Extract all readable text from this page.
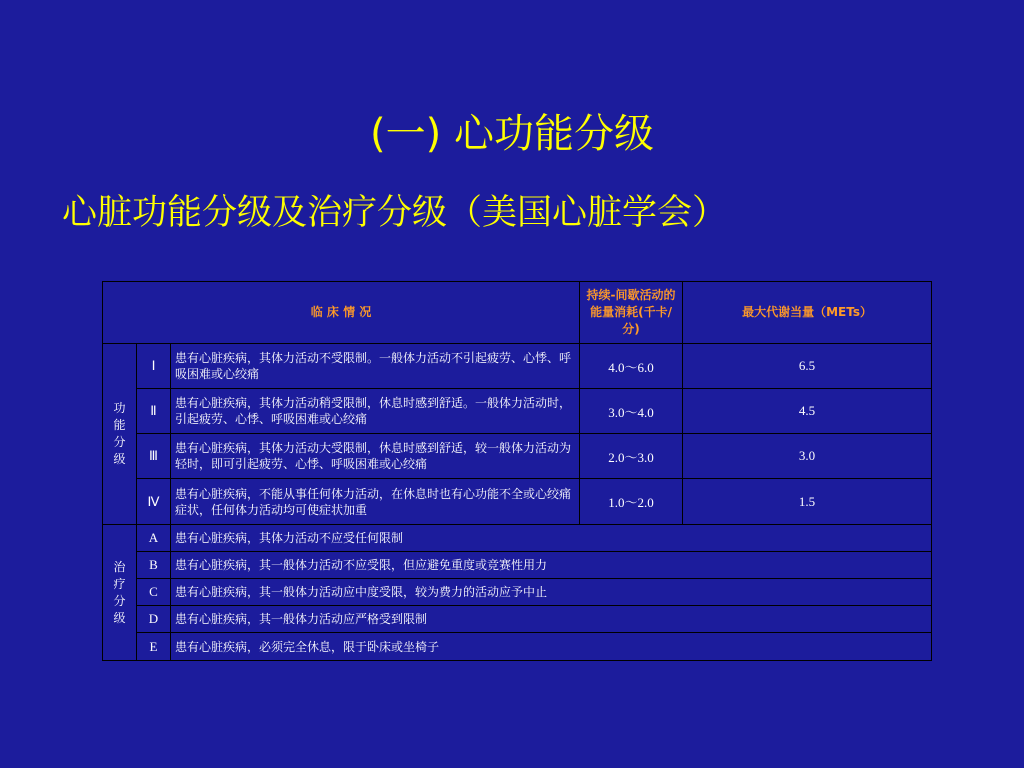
(一) 心功能分级
心脏功能分级及治疗分级（美国心脏学会）
临 床 情 况			持续-间歇活动的能量消耗(千卡/分)	最大代谢当量（METs）
功能分级	Ⅰ	患有心脏疾病，其体力活动不受限制。一般体力活动不引起疲劳、心悸、呼吸困难或心绞痛	4.0～6.0	6.5
	Ⅱ	患有心脏疾病，其体力活动稍受限制，休息时感到舒适。一般体力活动时，引起疲劳、心悸、呼吸困难或心绞痛	3.0～4.0	4.5
	Ⅲ	患有心脏疾病，其体力活动大受限制，休息时感到舒适，较一般体力活动为轻时，即可引起疲劳、心悸、呼吸困难或心绞痛	2.0～3.0	3.0
	Ⅳ	患有心脏疾病，不能从事任何体力活动，在休息时也有心功能不全或心绞痛症状，任何体力活动均可使症状加重	1.0～2.0	1.5
治疗分级	A	患有心脏疾病，其体力活动不应受任何限制		
	B	患有心脏疾病，其一般体力活动不应受限，但应避免重度或竞赛性用力		
	C	患有心脏疾病，其一般体力活动应中度受限，较为费力的活动应予中止		
	D	患有心脏疾病，其一般体力活动应严格受到限制		
	E	患有心脏疾病，必须完全休息，限于卧床或坐椅子		
